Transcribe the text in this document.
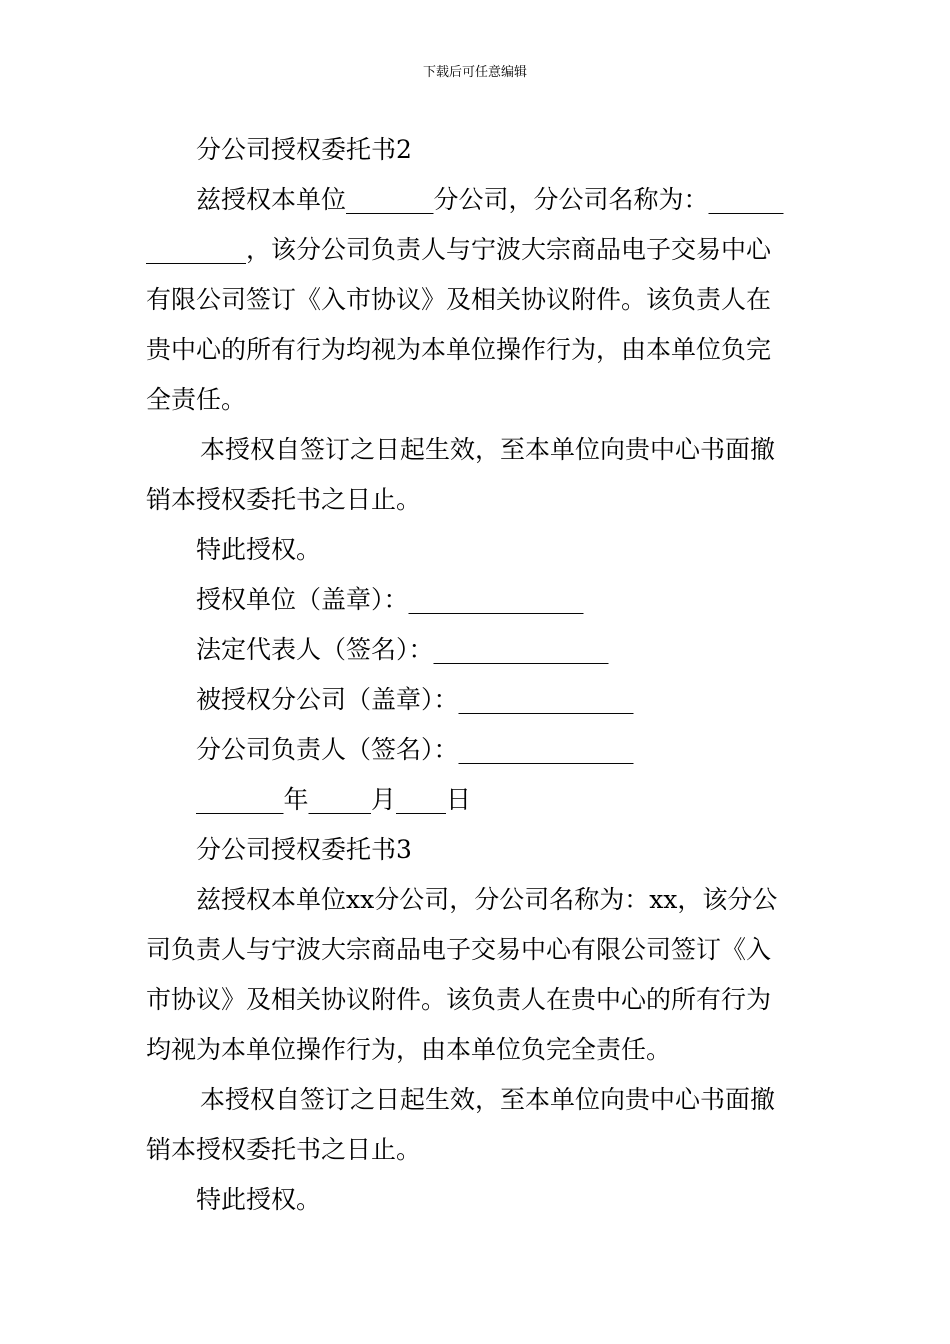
下载后可任意编辑
分公司授权委托书2
兹授权本单位_______分公司，分公司名称为：______
________，该分公司负责人与宁波大宗商品电子交易中心
有限公司签订《入市协议》及相关协议附件。该负责人在
贵中心的所有行为均视为本单位操作行为，由本单位负完
全责任。
本授权自签订之日起生效，至本单位向贵中心书面撤
销本授权委托书之日止。
特此授权。
授权单位（盖章）：______________
法定代表人（签名）：______________
被授权分公司（盖章）：______________
分公司负责人（签名）：______________
_______年_____月____日
分公司授权委托书3
兹授权本单位xx分公司，分公司名称为：xx，该分公
司负责人与宁波大宗商品电子交易中心有限公司签订《入
市协议》及相关协议附件。该负责人在贵中心的所有行为
均视为本单位操作行为，由本单位负完全责任。
本授权自签订之日起生效，至本单位向贵中心书面撤
销本授权委托书之日止。
特此授权。
